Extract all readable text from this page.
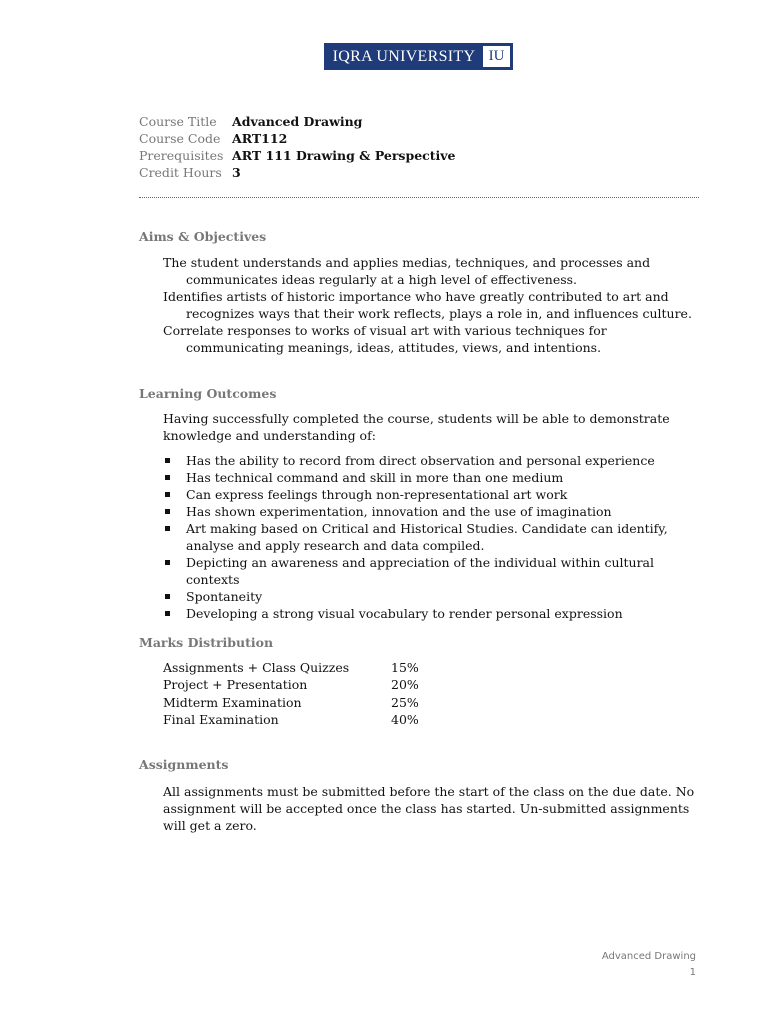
IQRA UNIVERSITY IU
Course Title	Advanced Drawing
Course Code ART112
Prerequisites ART 111 Drawing & Perspective
Credit Hours 3
Aims & Objectives
The student understands and applies medias, techniques, and processes and communicates ideas regularly at a high level of effectiveness.
Identifies artists of historic importance who have greatly contributed to art and recognizes ways that their work reflects, plays a role in, and influences culture.
Correlate responses to works of visual art with various techniques for communicating meanings, ideas, attitudes, views, and intentions.
Learning Outcomes
Having successfully completed the course, students will be able to demonstrate knowledge and understanding of:
Has the ability to record from direct observation and personal experience
Has technical command and skill in more than one medium
Can express feelings through non-representational art work
Has shown experimentation, innovation and the use of imagination
Art making based on Critical and Historical Studies. Candidate can identify, analyse and apply research and data compiled.
Depicting an awareness and appreciation of the individual within cultural contexts
Spontaneity
Developing a strong visual vocabulary to render personal expression
Marks Distribution
Assignments + Class Quizzes	15%
Project + Presentation	20%
Midterm Examination	25%
Final Examination	40%
Assignments
All assignments must be submitted before the start of the class on the due date. No assignment will be accepted once the class has started. Un-submitted assignments will get a zero.
Advanced Drawing
1
